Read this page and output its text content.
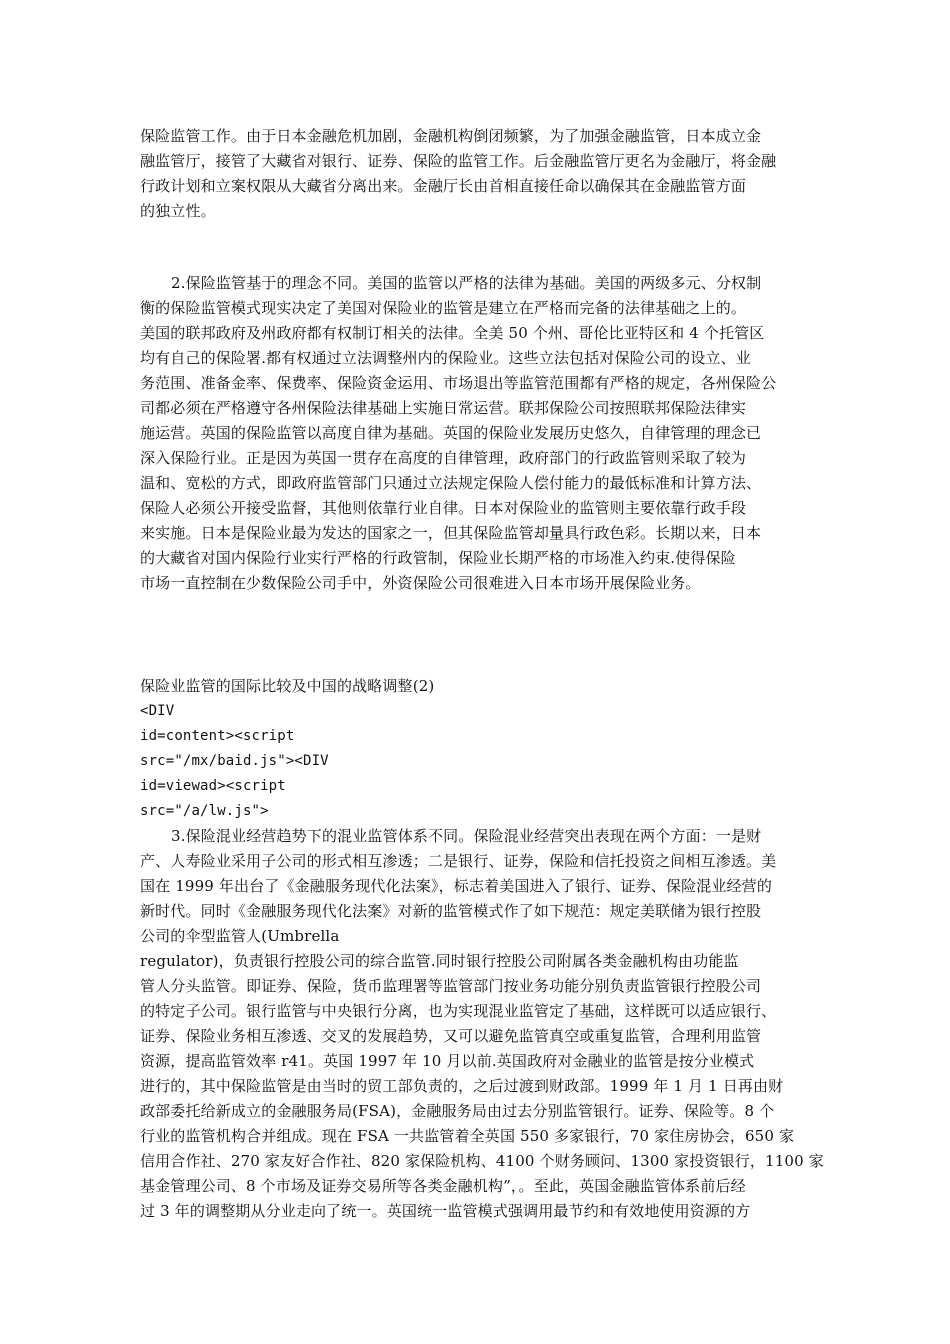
保险监管工作。由于日本金融危机加剧，金融机构倒闭频繁，为了加强金融监管，日本成立金
融监管厅，接管了大藏省对银行、证券、保险的监管工作。后金融监管厅更名为金融厅，将金融
行政计划和立案权限从大藏省分离出来。金融厅长由首相直接任命以确保其在金融监管方面
的独立性。
2.保险监管基于的理念不同。美国的监管以严格的法律为基础。美国的两级多元、分权制
衡的保险监管模式现实决定了美国对保险业的监管是建立在严格而完备的法律基础之上的。
美国的联邦政府及州政府都有权制订相关的法律。全美 50 个州、哥伦比亚特区和 4 个托管区
均有自己的保险署.都有权通过立法调整州内的保险业。这些立法包括对保险公司的设立、业
务范围、准备金率、保费率、保险资金运用、市场退出等监管范围都有严格的规定，各州保险公
司都必须在严格遵守各州保险法律基础上实施日常运营。联邦保险公司按照联邦保险法律实
施运营。英国的保险监管以高度自律为基础。英国的保险业发展历史悠久，自律管理的理念已
深入保险行业。正是因为英国一贯存在高度的自律管理，政府部门的行政监管则采取了较为
温和、宽松的方式，即政府监管部门只通过立法规定保险人偿付能力的最低标准和计算方法、
保险人必须公开接受监督，其他则依靠行业自律。日本对保险业的监管则主要依靠行政手段
来实施。日本是保险业最为发达的国家之一，但其保险监管却量具行政色彩。长期以来，日本
的大藏省对国内保险行业实行严格的行政管制，保险业长期严格的市场准入约束.使得保险
市场一直控制在少数保险公司手中，外资保险公司很难进入日本市场开展保险业务。
保险业监管的国际比较及中国的战略调整(2)
<DIV
id=content><script
src="/mx/baid.js"><DIV
id=viewad><script
src="/a/lw.js">
3.保险混业经营趋势下的混业监管体系不同。保险混业经营突出表现在两个方面：一是财
产、人寿险业采用子公司的形式相互渗透；二是银行、证券，保险和信托投资之间相互渗透。美
国在 1999 年出台了《金融服务现代化法案》，标志着美国进入了银行、证券、保险混业经营的
新时代。同时《金融服务现代化法案》对新的监管模式作了如下规范：规定美联储为银行控股
公司的伞型监管人(Umbrella
regulator)，负责银行控股公司的综合监管.同时银行控股公司附属各类金融机构由功能监
管人分头监管。即证券、保险，货币监理署等监管部门按业务功能分别负责监管银行控股公司
的特定子公司。银行监管与中央银行分离，也为实现混业监管定了基础，这样既可以适应银行、
证券、保险业务相互渗透、交叉的发展趋势，又可以避免监管真空或重复监管，合理利用监管
资源，提高监管效率 r41。英国 1997 年 10 月以前.英国政府对金融业的监管是按分业模式
进行的，其中保险监管是由当时的贸工部负责的，之后过渡到财政部。1999 年 1 月 1 日再由财
政部委托给新成立的金融服务局(FSA)，金融服务局由过去分别监管银行。证券、保险等。8 个
行业的监管机构合并组成。现在 FSA 一共监管着全英国 550 多家银行，70 家住房协会，650 家
信用合作社、270 家友好合作社、820 家保险机构、4100 个财务顾问、1300 家投资银行，1100 家
基金管理公司、8 个市场及证券交易所等各类金融机构”，。至此，英国金融监管体系前后经
过 3 年的调整期从分业走向了统一。英国统一监管模式强调用最节约和有效地使用资源的方
